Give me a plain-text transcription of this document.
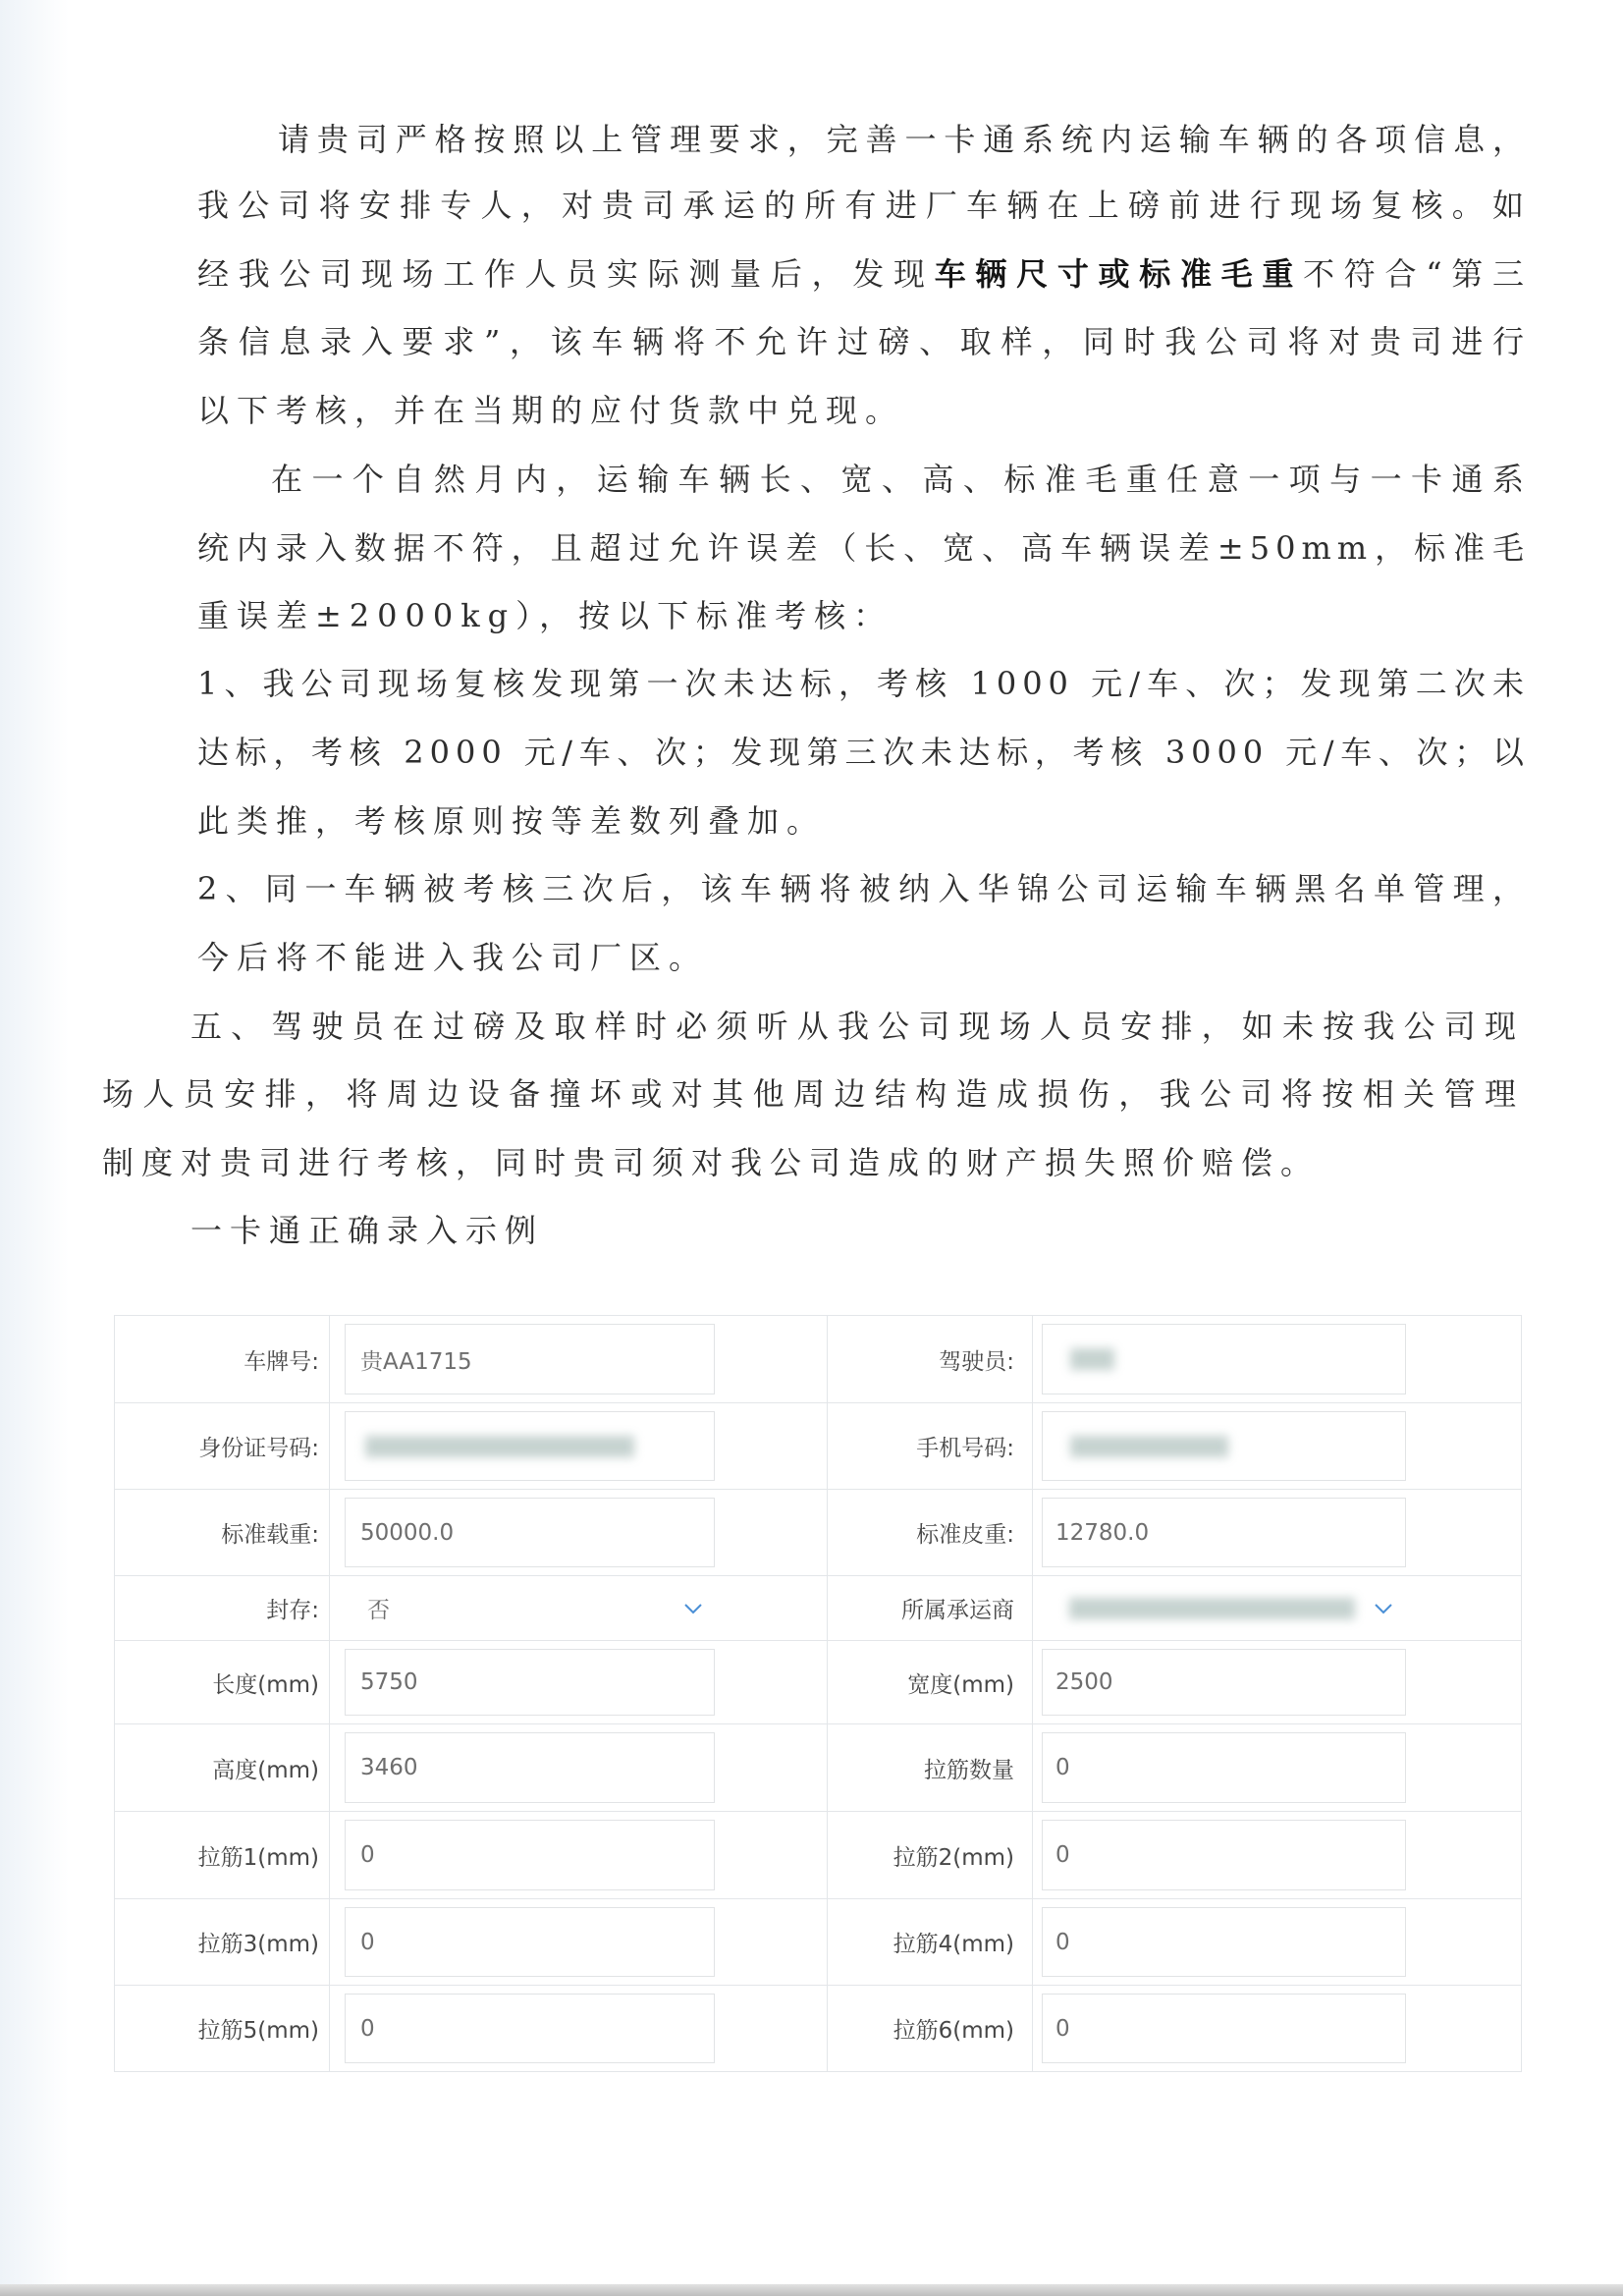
请贵司严格按照以上管理要求，完善一卡通系统内运输车辆的各项信息，
我公司将安排专人，对贵司承运的所有进厂车辆在上磅前进行现场复核。如
经我公司现场工作人员实际测量后，发现车辆尺寸或标准毛重不符合“第三
条信息录入要求”，该车辆将不允许过磅、取样，同时我公司将对贵司进行
以下考核，并在当期的应付货款中兑现。
在一个自然月内，运输车辆长、宽、高、标准毛重任意一项与一卡通系
统内录入数据不符，且超过允许误差（长、宽、高车辆误差±50mm，标准毛
重误差±2000kg），按以下标准考核：
1、我公司现场复核发现第一次未达标，考核 1000 元/车、次；发现第二次未
达标，考核 2000 元/车、次；发现第三次未达标，考核 3000 元/车、次；以
此类推，考核原则按等差数列叠加。
2、同一车辆被考核三次后，该车辆将被纳入华锦公司运输车辆黑名单管理，
今后将不能进入我公司厂区。
五、驾驶员在过磅及取样时必须听从我公司现场人员安排，如未按我公司现
场人员安排，将周边设备撞坏或对其他周边结构造成损伤，我公司将按相关管理
制度对贵司进行考核，同时贵司须对我公司造成的财产损失照价赔偿。
一卡通正确录入示例
车牌号:	贵AA1715	驾驶员:
身份证号码:	手机号码:
标准载重:	50000.0	标准皮重:	12780.0
封存:	否	所属承运商
长度(mm)	5750	宽度(mm)	2500
高度(mm)	3460	拉筋数量	0
拉筋1(mm)	0	拉筋2(mm)	0
拉筋3(mm)	0	拉筋4(mm)	0
拉筋5(mm)	0	拉筋6(mm)	0
